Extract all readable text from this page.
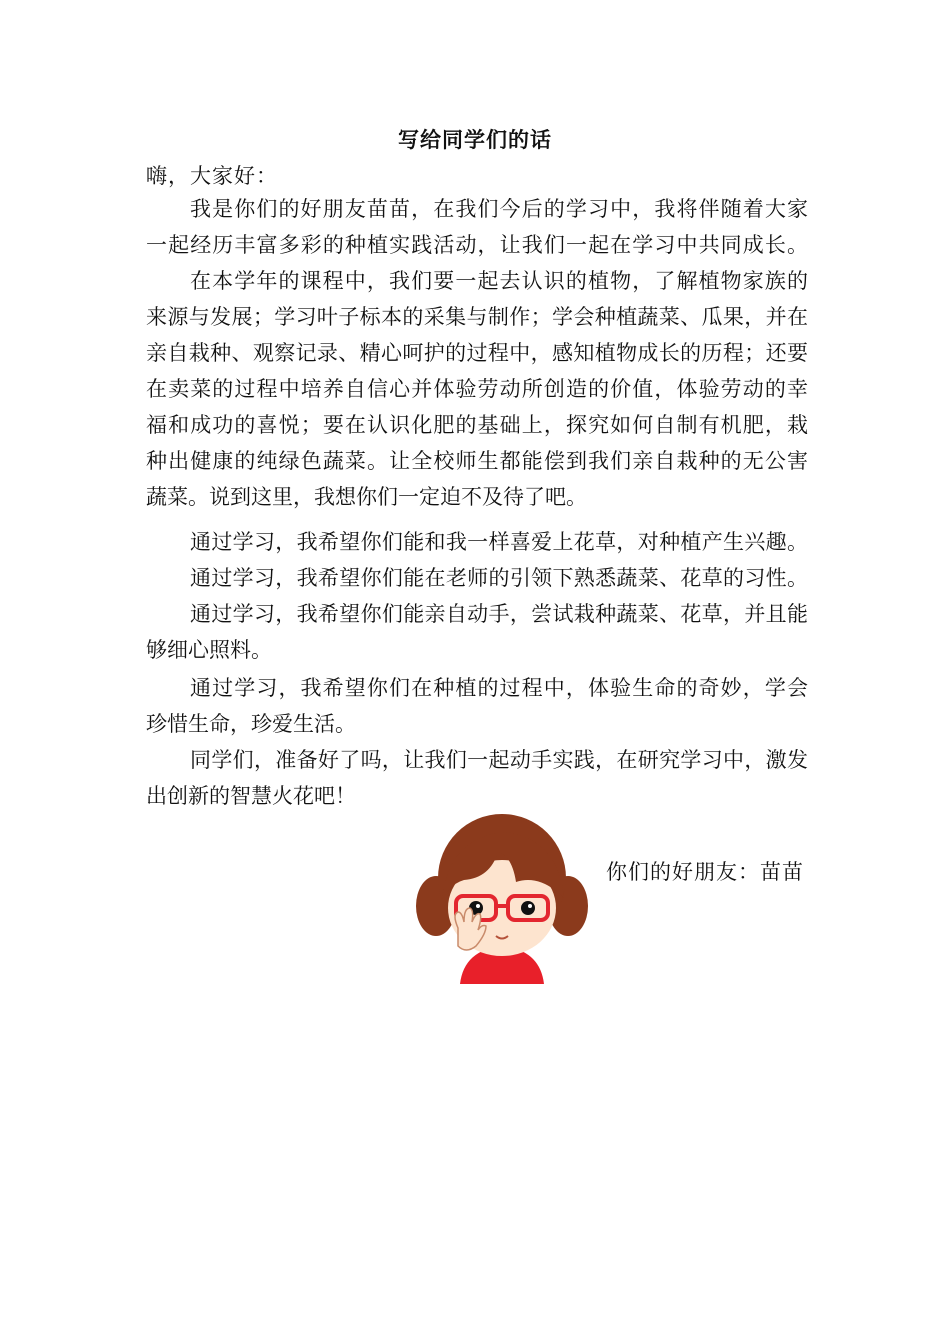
写给同学们的话
嗨，大家好：
我是你们的好朋友苗苗，在我们今后的学习中，我将伴随着大家
一起经历丰富多彩的种植实践活动，让我们一起在学习中共同成长。
在本学年的课程中，我们要一起去认识的植物，了解植物家族的
来源与发展；学习叶子标本的采集与制作；学会种植蔬菜、瓜果，并在
亲自栽种、观察记录、精心呵护的过程中，感知植物成长的历程；还要
在卖菜的过程中培养自信心并体验劳动所创造的价值，体验劳动的幸
福和成功的喜悦；要在认识化肥的基础上，探究如何自制有机肥，栽
种出健康的纯绿色蔬菜。让全校师生都能偿到我们亲自栽种的无公害
蔬菜。说到这里，我想你们一定迫不及待了吧。
通过学习，我希望你们能和我一样喜爱上花草，对种植产生兴趣。
通过学习，我希望你们能在老师的引领下熟悉蔬菜、花草的习性。
通过学习，我希望你们能亲自动手，尝试栽种蔬菜、花草，并且能
够细心照料。
通过学习，我希望你们在种植的过程中，体验生命的奇妙，学会
珍惜生命，珍爱生活。
同学们，准备好了吗，让我们一起动手实践，在研究学习中，激发
出创新的智慧火花吧！
你们的好朋友：苗苗
